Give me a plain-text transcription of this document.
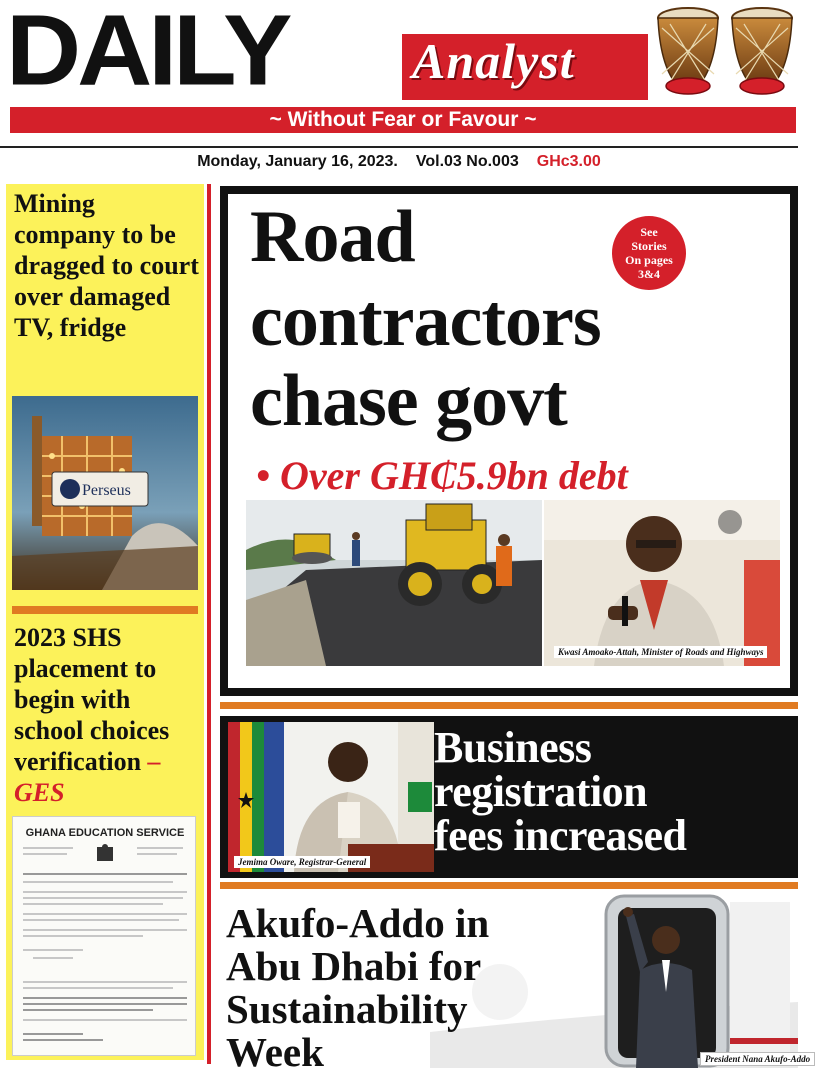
DAILY Analyst
~ Without Fear or Favour ~
Monday, January 16, 2023. Vol.03 No.003 GHc3.00
Mining company to be dragged to court over damaged TV, fridge
Perseus
2023 SHS placement to begin with school choices verification – GES
GHANA EDUCATION SERVICE
Road
contractors
chase govt
See
Stories
On pages
3&4
• Over GH₵5.9bn debt
Kwasi Amoako-Attah, Minister of Roads and Highways
Jemima Oware, Registrar-General
Business
registration
fees increased
President Nana Akufo-Addo
Akufo-Addo in
Abu Dhabi for
Sustainability
Week
